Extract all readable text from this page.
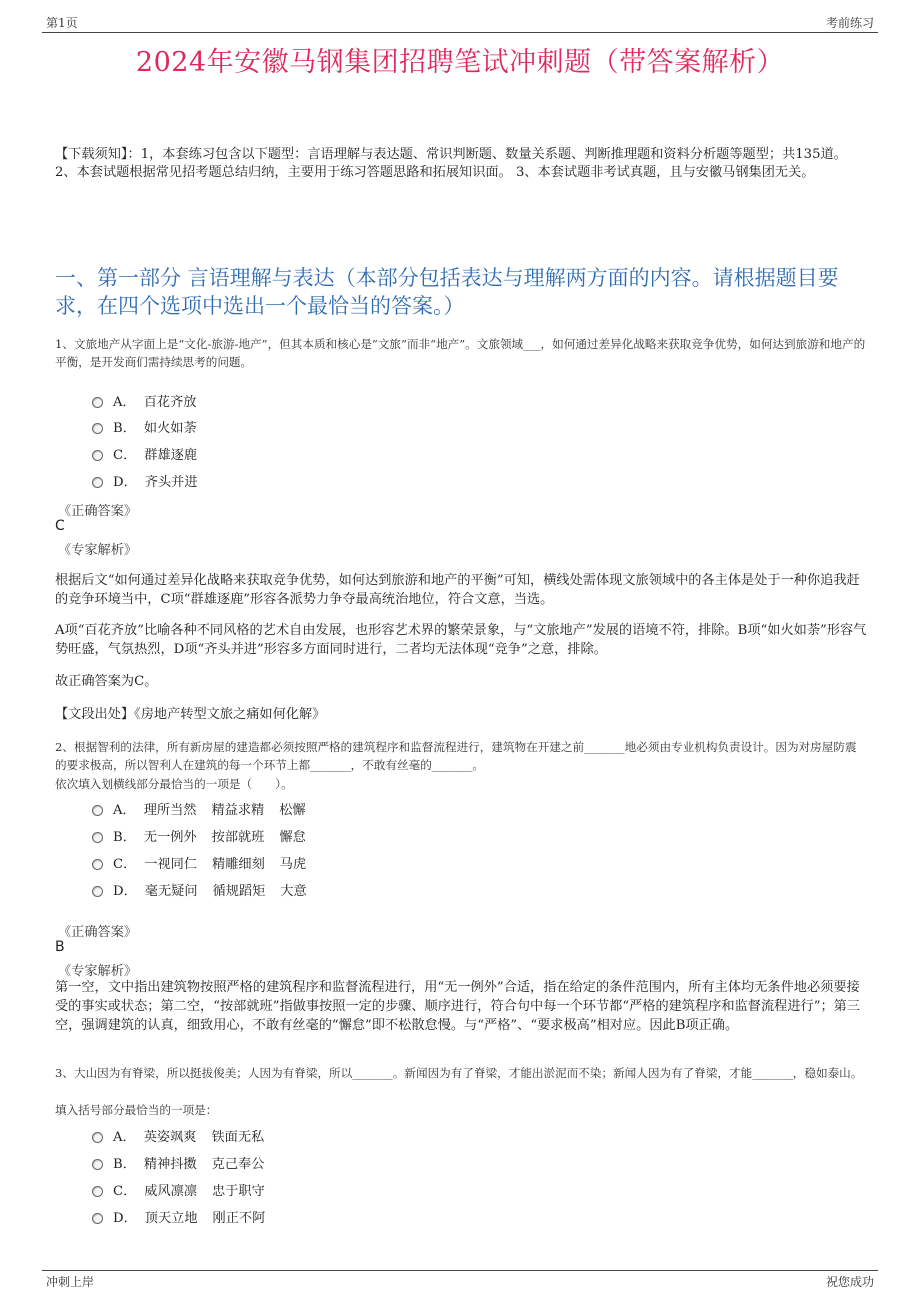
第1页	考前练习
2024年安徽马钢集团招聘笔试冲刺题（带答案解析）
【下载须知】：1，本套练习包含以下题型：言语理解与表达题、常识判断题、数量关系题、判断推理题和资料分析题等题型；共135道。 2、本套试题根据常见招考题总结归纳，主要用于练习答题思路和拓展知识面。 3、本套试题非考试真题，且与安徽马钢集团无关。
一、第一部分 言语理解与表达（本部分包括表达与理解两方面的内容。请根据题目要求，在四个选项中选出一个最恰当的答案。）
1、文旅地产从字面上是“文化-旅游-地产”，但其本质和核心是“文旅”而非“地产”。文旅领域___，如何通过差异化战略来获取竞争优势，如何达到旅游和地产的平衡，是开发商们需持续思考的问题。
A． 百花齐放
B． 如火如荼
C． 群雄逐鹿
D． 齐头并进
《正确答案》
C
《专家解析》
根据后文“如何通过差异化战略来获取竞争优势，如何达到旅游和地产的平衡”可知，横线处需体现文旅领域中的各主体是处于一种你追我赶的竞争环境当中，C项“群雄逐鹿”形容各派势力争夺最高统治地位，符合文意，当选。
A项“百花齐放”比喻各种不同风格的艺术自由发展，也形容艺术界的繁荣景象，与“文旅地产”发展的语境不符，排除。B项“如火如荼”形容气势旺盛，气氛热烈，D项“齐头并进”形容多方面同时进行，二者均无法体现“竞争”之意，排除。
故正确答案为C。
【文段出处】《房地产转型文旅之痛如何化解》
2、根据智利的法律，所有新房屋的建造都必须按照严格的建筑程序和监督流程进行，建筑物在开建之前_______地必须由专业机构负责设计。因为对房屋防震的要求极高，所以智利人在建筑的每一个环节上都_______，不敢有丝毫的_______。
依次填入划横线部分最恰当的一项是（　　）。
A． 理所当然 精益求精 松懈
B． 无一例外 按部就班 懈怠
C． 一视同仁 精雕细刻 马虎
D． 毫无疑问 循规蹈矩 大意
《正确答案》
B
《专家解析》
第一空，文中指出建筑物按照严格的建筑程序和监督流程进行，用“无一例外”合适，指在给定的条件范围内，所有主体均无条件地必须要接受的事实或状态；第二空，“按部就班”指做事按照一定的步骤、顺序进行，符合句中每一个环节都“严格的建筑程序和监督流程进行”；第三空，强调建筑的认真，细致用心，不敢有丝毫的“懈怠”即不松散怠慢。与“严格”、“要求极高”相对应。因此B项正确。
3、大山因为有脊梁，所以挺拔俊美；人因为有脊梁，所以_______。新闻因为有了脊梁，才能出淤泥而不染；新闻人因为有了脊梁，才能_______，稳如泰山。
填入括号部分最恰当的一项是：
A． 英姿飒爽 铁面无私
B． 精神抖擞 克己奉公
C． 威风凛凛 忠于职守
D． 顶天立地 刚正不阿
冲刺上岸	祝您成功
